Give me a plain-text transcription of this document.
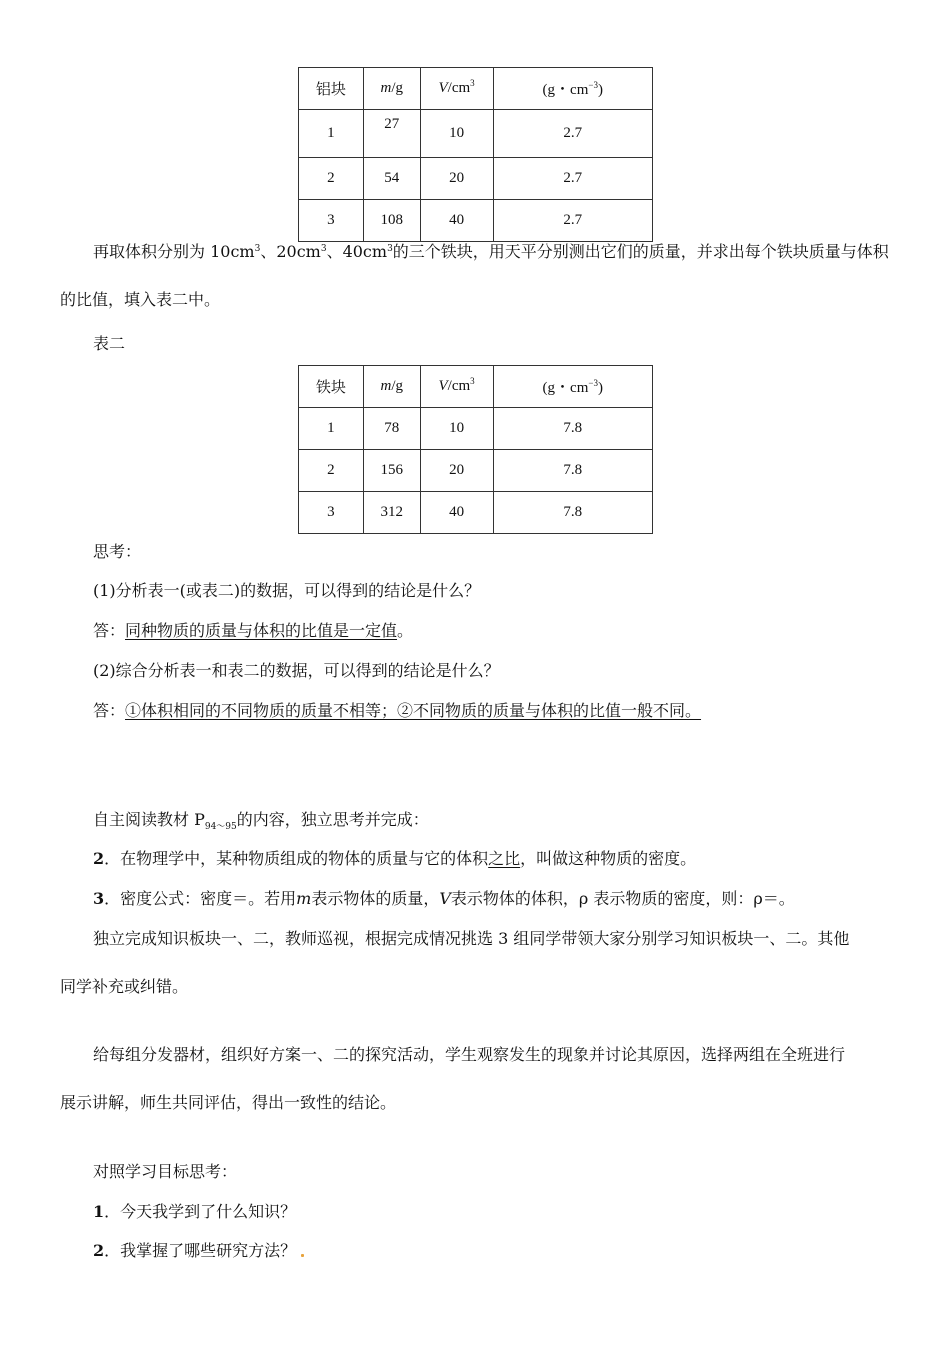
铝块	m/g	$V/cm^3$	(g・$cm^{-3}$)
1	27	10	2.7
2	54	20	2.7
3	108	40	2.7
再取体积分别为 $10cm^3$、$20cm^3$、$40cm^3$的三个铁块，用天平分别测出它们的质量，并求出每个铁块质量与体积
的比值，填入表二中。
表二
铁块	m/g	$V/cm^3$	(g・$cm^{-3}$)
1	78	10	7.8
2	156	20	7.8
3	312	40	7.8
思考：
(1)分析表一(或表二)的数据，可以得到的结论是什么？
答：同种物质的质量与体积的比值是一定值。
(2)综合分析表一和表二的数据，可以得到的结论是什么？
答：①体积相同的不同物质的质量不相等；②不同物质的质量与体积的比值一般不同。
自主阅读教材 $P_{94\sim 95}$的内容，独立思考并完成：
2．在物理学中，某种物质组成的物体的质量与它的体积之比，叫做这种物质的密度。
3．密度公式：密度＝。若用m表示物体的质量，V表示物体的体积，ρ 表示物质的密度，则：ρ＝。
独立完成知识板块一、二，教师巡视，根据完成情况挑选 3 组同学带领大家分别学习知识板块一、二。其他
同学补充或纠错。
给每组分发器材，组织好方案一、二的探究活动，学生观察发生的现象并讨论其原因，选择两组在全班进行
展示讲解，师生共同评估，得出一致性的结论。
对照学习目标思考：
1．今天我学到了什么知识？
2．我掌握了哪些研究方法？
